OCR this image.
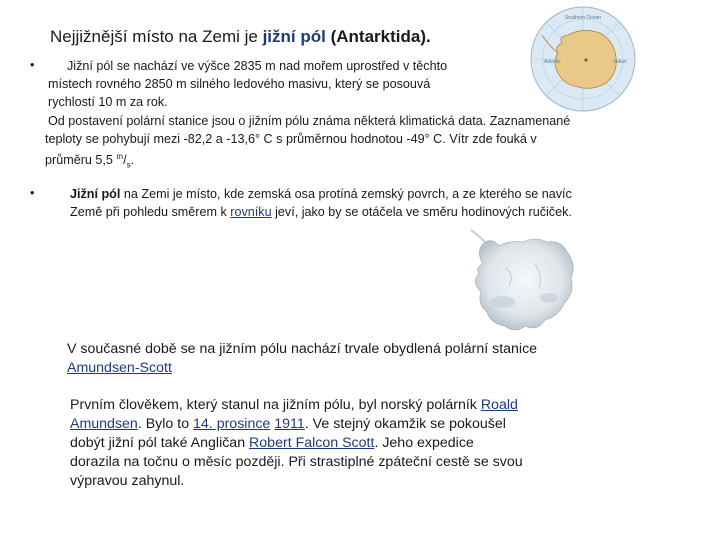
Nejjižnější místo na Zemi je jižní pól (Antarktida).
Southern Ocean
Atlantic	Indian
•	Jižní pól se nachází ve výšce 2835 m nad mořem uprostřed v těchto
místech rovného 2850 m silného ledového masivu, který se posouvá
rychlostí 10 m za rok.
Od postavení polární stanice jsou o jižním pólu známa některá klimatická data. Zaznamenané
teploty se pohybují mezi -82,2 a -13,6° C s průměrnou hodnotou -49° C. Vítr zde fouká v
průměru 5,5 $^m/_s$.
•	Jižní pól na Zemi je místo, kde zemská osa protíná zemský povrch, a ze kterého se navíc
Země při pohledu směrem k rovníku jeví, jako by se otáčela ve směru hodinových ručiček.
V současné době se na jižním pólu nachází trvale obydlená polární stanice
Amundsen-Scott
Prvním člověkem, který stanul na jižním pólu, byl norský polárník Roald
Amundsen. Bylo to 14. prosince 1911. Ve stejný okamžik se pokoušel
dobýt jižní pól také Angličan Robert Falcon Scott. Jeho expedice
dorazila na točnu o měsíc později. Při strastiplné zpáteční cestě se svou
výpravou zahynul.
